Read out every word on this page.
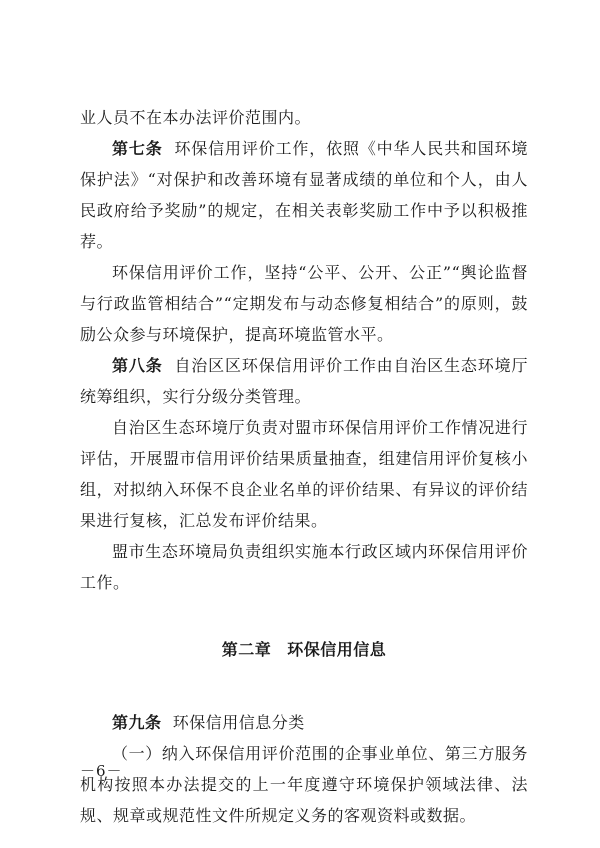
业人员不在本办法评价范围内。

第七条 环保信用评价工作，依照《中华人民共和国环境保护法》“对保护和改善环境有显著成绩的单位和个人，由人民政府给予奖励”的规定，在相关表彰奖励工作中予以积极推荐。

环保信用评价工作，坚持“公平、公开、公正”“舆论监督与行政监管相结合”“定期发布与动态修复相结合”的原则，鼓励公众参与环境保护，提高环境监管水平。

第八条 自治区区环保信用评价工作由自治区生态环境厅统筹组织，实行分级分类管理。

自治区生态环境厅负责对盟市环保信用评价工作情况进行评估，开展盟市信用评价结果质量抽查，组建信用评价复核小组，对拟纳入环保不良企业名单的评价结果、有异议的评价结果进行复核，汇总发布评价结果。

盟市生态环境局负责组织实施本行政区域内环保信用评价工作。

第二章 环保信用信息

第九条 环保信用信息分类

（一）纳入环保信用评价范围的企事业单位、第三方服务机构按照本办法提交的上一年度遵守环境保护领域法律、法规、规章或规范性文件所规定义务的客观资料或数据。

－6－
